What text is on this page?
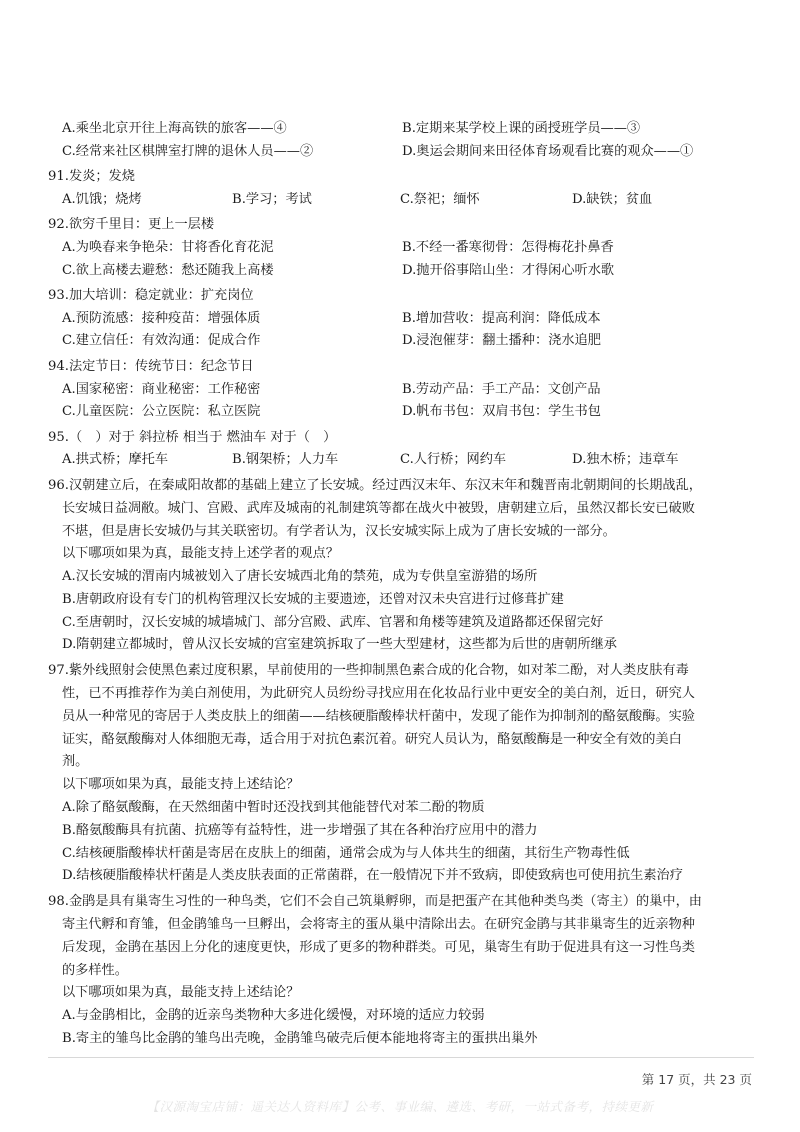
A.乘坐北京开往上海高铁的旅客——④	B.定期来某学校上课的函授班学员——③
C.经常来社区棋牌室打牌的退休人员——②	D.奥运会期间来田径体育场观看比赛的观众——①
91.发炎；发烧
A.饥饿；烧烤	B.学习；考试	C.祭祀；缅怀	D.缺铁；贫血
92.欲穷千里目：更上一层楼
A.为唤春来争艳朵：甘将香化育花泥	B.不经一番寒彻骨：怎得梅花扑鼻香
C.欲上高楼去避愁：愁还随我上高楼	D.抛开俗事陪山坐：才得闲心听水歌
93.加大培训：稳定就业：扩充岗位
A.预防流感：接种疫苗：增强体质	B.增加营收：提高利润：降低成本
C.建立信任：有效沟通：促成合作	D.浸泡催芽：翻土播种：浇水追肥
94.法定节日：传统节日：纪念节日
A.国家秘密：商业秘密：工作秘密	B.劳动产品：手工产品：文创产品
C.儿童医院：公立医院：私立医院	D.帆布书包：双肩书包：学生书包
95.（　）对于 斜拉桥 相当于 燃油车 对于（　）
A.拱式桥；摩托车	B.钢架桥；人力车	C.人行桥；网约车	D.独木桥；违章车
96.汉朝建立后，在秦咸阳故都的基础上建立了长安城。经过西汉末年、东汉末年和魏晋南北朝期间的长期战乱，
长安城日益凋敝。城门、宫殿、武库及城南的礼制建筑等都在战火中被毁，唐朝建立后，虽然汉都长安已破败
不堪，但是唐长安城仍与其关联密切。有学者认为，汉长安城实际上成为了唐长安城的一部分。
以下哪项如果为真，最能支持上述学者的观点？
A.汉长安城的渭南内城被划入了唐长安城西北角的禁苑，成为专供皇室游猎的场所
B.唐朝政府设有专门的机构管理汉长安城的主要遗迹，还曾对汉未央宫进行过修葺扩建
C.至唐朝时，汉长安城的城墙城门、部分宫殿、武库、官署和角楼等建筑及道路都还保留完好
D.隋朝建立都城时，曾从汉长安城的宫室建筑拆取了一些大型建材，这些都为后世的唐朝所继承
97.紫外线照射会使黑色素过度积累，早前使用的一些抑制黑色素合成的化合物，如对苯二酚，对人类皮肤有毒
性，已不再推荐作为美白剂使用，为此研究人员纷纷寻找应用在化妆品行业中更安全的美白剂，近日，研究人
员从一种常见的寄居于人类皮肤上的细菌——结核硬脂酸棒状杆菌中，发现了能作为抑制剂的酪氨酸酶。实验
证实，酪氨酸酶对人体细胞无毒，适合用于对抗色素沉着。研究人员认为，酪氨酸酶是一种安全有效的美白
剂。
以下哪项如果为真，最能支持上述结论？
A.除了酪氨酸酶，在天然细菌中暂时还没找到其他能替代对苯二酚的物质
B.酪氨酸酶具有抗菌、抗癌等有益特性，进一步增强了其在各种治疗应用中的潜力
C.结核硬脂酸棒状杆菌是寄居在皮肤上的细菌，通常会成为与人体共生的细菌，其衍生产物毒性低
D.结核硬脂酸棒状杆菌是人类皮肤表面的正常菌群，在一般情况下并不致病，即使致病也可使用抗生素治疗
98.金鹃是具有巢寄生习性的一种鸟类，它们不会自己筑巢孵卵，而是把蛋产在其他种类鸟类（寄主）的巢中，由
寄主代孵和育雏，但金鹃雏鸟一旦孵出，会将寄主的蛋从巢中清除出去。在研究金鹃与其非巢寄生的近亲物种
后发现，金鹃在基因上分化的速度更快，形成了更多的物种群类。可见，巢寄生有助于促进具有这一习性鸟类
的多样性。
以下哪项如果为真，最能支持上述结论？
A.与金鹃相比，金鹃的近亲鸟类物种大多进化缓慢，对环境的适应力较弱
B.寄主的雏鸟比金鹃的雏鸟出壳晚，金鹃雏鸟破壳后便本能地将寄主的蛋拱出巢外
第 17 页，共 23 页
【汉源淘宝店铺：遥关达人资料库】公考、事业编、遴选、考研，一站式备考，持续更新
